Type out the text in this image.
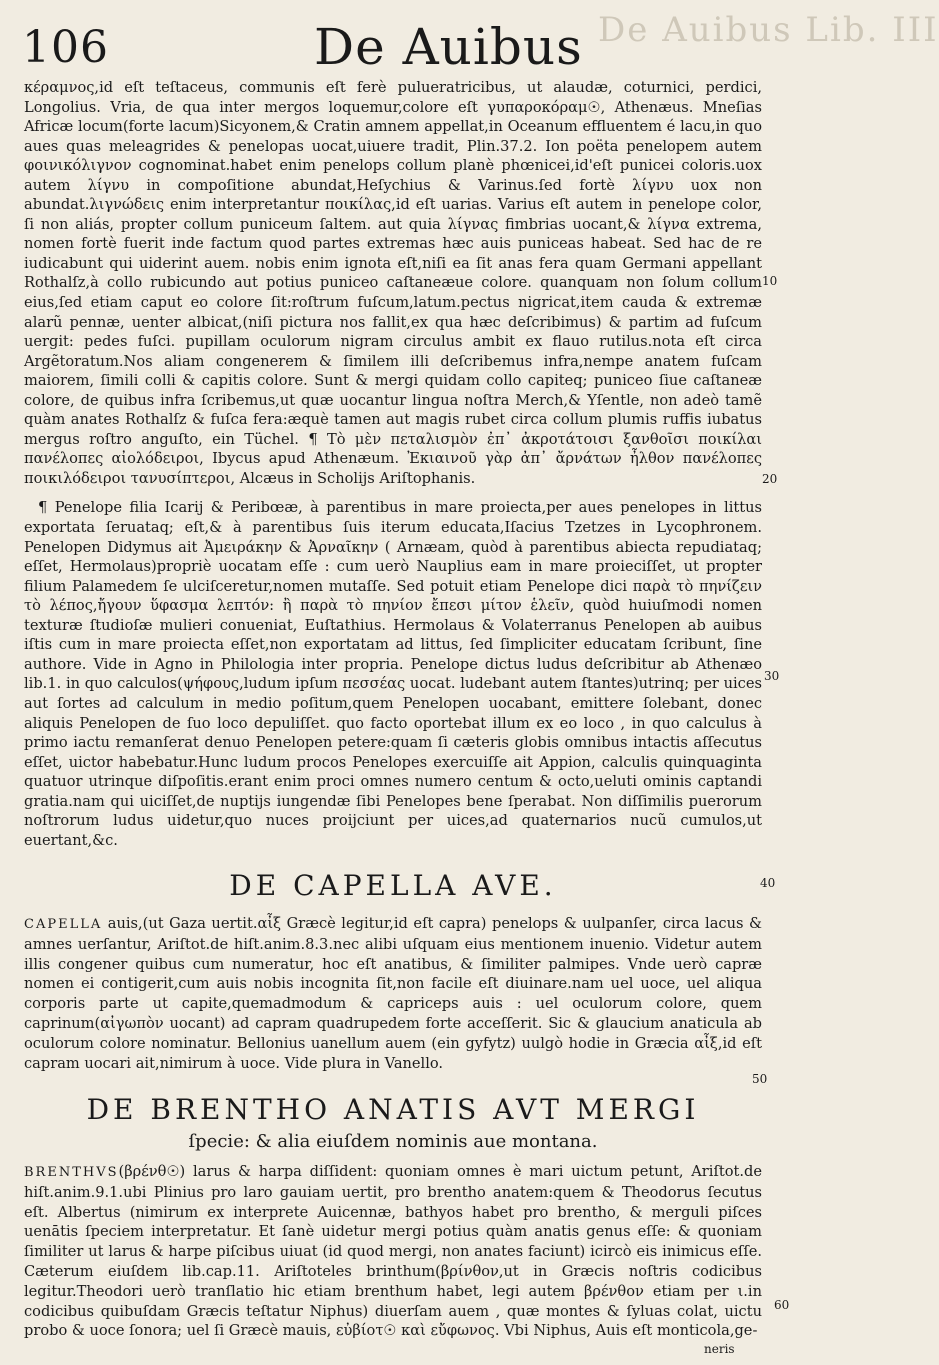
De Auibus Lib. III
106	De Auibus

κέραμνος,id eſt teſtaceus, communis eſt ferè pulueratricibus, ut alaudæ, coturnici, perdici, Longolius. Vria, de qua inter mergos loquemur,colore eſt γυπαροκόραμ☉, Athenæus. Mneſias Africæ locum(forte lacum)Sicyonem,& Cratin amnem appellat,in Oceanum effluentem é lacu,in quo aues quas meleagrides & penelopas uocat,uiuere tradit, Plin.37.2. Ion poëta penelopem autem φοινικόλιγνον cognominat.habet enim penelops collum planè phœnicei,id'eſt punicei coloris.uox autem λίγνυ in compoſitione abundat,Heſychius & Varinus.ſed fortè λίγνυ uox non abundat.λιγνώδεις enim interpretantur ποικίλας,id eſt uarias. Varius eſt autem in penelope color, ſi non aliás, propter collum puniceum ſaltem. aut quia λίγνας fimbrias uocant,& λίγνα extrema, nomen fortè fuerit inde factum quod partes extremas hæc auis puniceas habeat. Sed hac de re iudicabunt qui uiderint auem. nobis enim ignota eſt,niſi ea ſit anas fera quam Germani appellant Rothalſz,à collo rubicundo aut potius puniceo caſtaneæue colore. quanquam non ſolum collum eius,ſed etiam caput eo colore ſit:roſtrum fuſcum,latum.pectus nigricat,item cauda & extremæ alarũ pennæ, uenter albicat,(niſi pictura nos fallit,ex qua hæc deſcribimus) & partim ad fuſcum uergit: pedes fuſci. pupillam oculorum nigram circulus ambit ex flauo rutilus.nota eſt circa Argẽtoratum.Nos aliam congenerem & ſimilem illi deſcribemus infra,nempe anatem fuſcam maiorem, ſimili colli & capitis colore. Sunt & mergi quidam collo capiteq; puniceo ſiue caſtaneæ colore, de quibus infra ſcribemus,ut quæ uocantur lingua noſtra Merch,& Yſentle, non adeò tamẽ quàm anates Rothalſz & fuſca fera:æquè tamen aut magis rubet circa collum plumis ruffis iubatus mergus roſtro anguſto, ein Tüchel. ¶ Τὸ μὲν πεταλισμὸν ἐπ᾽ ἀκροτάτοισι ξανθοῖσι ποικίλαι πανέλοπες αἰολόδειροι, Ibycus apud Athenæum. Ἐκιαινοῦ γὰρ ἀπ᾽ ἄρνάτων ἦλθον πανέλοπες ποικιλόδειροι τανυσίπτεροι, Alcæus in Scholijs Ariſtophanis.

¶ Penelope filia Icarij & Peribœæ, à parentibus in mare proiecta,per aues penelopes in littus exportata ſeruataq; eſt,& à parentibus ſuis iterum educata,Iſacius Tzetzes in Lycophronem. Penelopen Didymus ait Ἀμειράκην & Ἀρναῖκην ( Arnæam, quòd à parentibus abiecta repudiataq; eſſet, Hermolaus)propriè uocatam eſſe : cum uerò Nauplius eam in mare proieciſſet, ut propter filium Palamedem ſe ulciſceretur,nomen mutaſſe. Sed potuit etiam Penelope dici παρὰ τὸ πηνίζειν τὸ λέπος,ἤγουν ὕφασμα λεπτόν: ἢ παρὰ τὸ πηνίον ἔπεσι μίτον ἑλεῖν, quòd huiuſmodi nomen texturæ ſtudioſæ mulieri conueniat, Euſtathius. Hermolaus & Volaterranus Penelopen ab auibus iſtis cum in mare proiecta eſſet,non exportatam ad littus, ſed ſimpliciter educatam ſcribunt, ſine authore. Vide in Agno in Philologia inter propria. Penelope dictus ludus deſcribitur ab Athenæo lib.1. in quo calculos(ψήφους,ludum ipſum πεσσέας uocat. ludebant autem ſtantes)utrinq; per uices aut ſortes ad calculum in medio poſitum,quem Penelopen uocabant, emittere ſolebant, donec aliquis Penelopen de ſuo loco depuliſſet. quo facto oportebat illum ex eo loco , in quo calculus à primo iactu remanſerat denuo Penelopen petere:quam ſi cæteris globis omnibus intactis aſſecutus eſſet, uictor habebatur.Hunc ludum procos Penelopes exercuiſſe ait Appion, calculis quinquaginta quatuor utrinque diſpoſitis.erant enim proci omnes numero centum & octo,ueluti ominis captandi gratia.nam qui uiciſſet,de nuptijs iungendæ ſibi Penelopes bene ſperabat. Non diſſimilis puerorum noſtrorum ludus uidetur,quo nuces proijciunt per uices,ad quaternarios nucũ cumulos,ut euertant,&c.

10
20
30
40
50
60
DE CAPELLA AVE.

CAPELLA auis,(ut Gaza uertit.αἶξ Græcè legitur,id eſt capra) penelops & uulpanſer, circa lacus & amnes uerſantur, Ariſtot.de hiſt.anim.8.3.nec alibi uſquam eius mentionem inuenio. Videtur autem illis congener quibus cum numeratur, hoc eſt anatibus, & ſimiliter palmipes. Vnde uerò capræ nomen ei contigerit,cum auis nobis incognita ſit,non facile eſt diuinare.nam uel uoce, uel aliqua corporis parte ut capite,quemadmodum & capriceps auis : uel oculorum colore, quem caprinum(αἰγωπὸν uocant) ad capram quadrupedem forte acceſſerit. Sic & glaucium anaticula ab oculorum colore nominatur. Bellonius uanellum auem (ein gyfytz) uulgò hodie in Græcia αἶξ,id eſt capram uocari ait,nimirum à uoce. Vide plura in Vanello.

DE BRENTHO ANATIS AVT MERGI

ſpecie: & alia eiuſdem nominis aue montana.

BRENTHVS(βρένθ☉) larus & harpa diſſident: quoniam omnes è mari uictum petunt, Ariſtot.de hiſt.anim.9.1.ubi Plinius pro laro gauiam uertit, pro brentho anatem:quem & Theodorus ſecutus eſt. Albertus (nimirum ex interprete Auicennæ, bathyos habet pro brentho, & merguli piſces uenātis ſpeciem interpretatur. Et ſanè uidetur mergi potius quàm anatis genus eſſe: & quoniam ſimiliter ut larus & harpe piſcibus uiuat (id quod mergi, non anates faciunt) icircò eis inimicus eſſe. Cæterum eiuſdem lib.cap.11. Ariſtoteles brinthum(βρίνθον,ut in Græcis noſtris codicibus legitur.Theodori uerò tranſlatio hic etiam brenthum habet, legi autem βρένθον etiam per ι.in codicibus quibuſdam Græcis teſtatur Niphus) diuerſam auem , quæ montes & ſyluas colat, uictu probo & uoce ſonora; uel ſi Græcè mauis, εὐβίοτ☉ καὶ εὔφωνος. Vbi Niphus, Auis eſt monticola,ge-

neris
